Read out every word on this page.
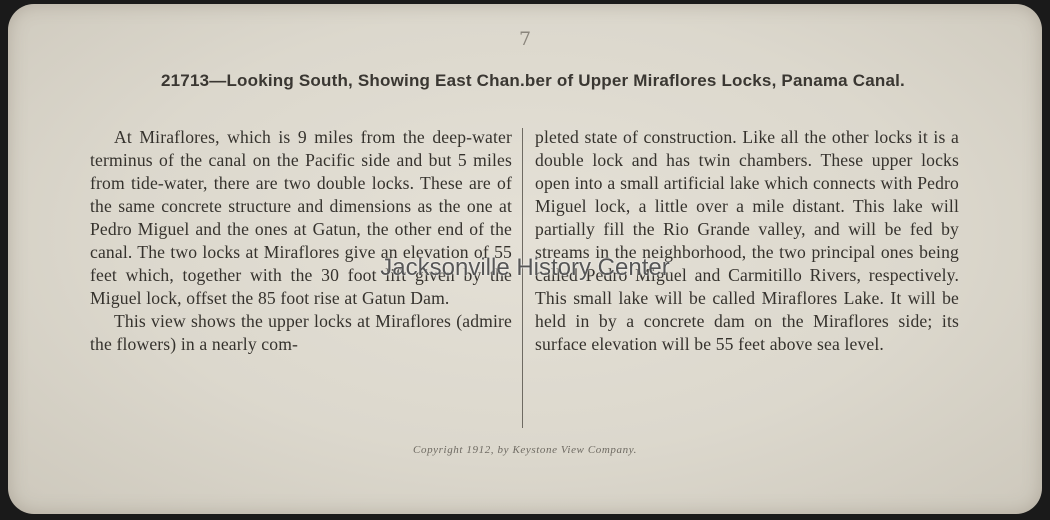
7
21713—Looking South, Showing East Chan.ber of Upper Miraflores Locks, Panama Canal.

At Miraflores, which is 9 miles from the deep-water terminus of the canal on the Pacific side and but 5 miles from tide-water, there are two double locks. These are of the same concrete structure and dimensions as the one at Pedro Miguel and the ones at Gatun, the other end of the canal. The two locks at Miraflores give an elevation of 55 feet which, together with the 30 foot lift given by the Miguel lock, offset the 85 foot rise at Gatun Dam.

This view shows the upper locks at Miraflores (admire the flowers) in a nearly com-

pleted state of construction. Like all the other locks it is a double lock and has twin chambers. These upper locks open into a small artificial lake which connects with Pedro Miguel lock, a little over a mile distant. This lake will partially fill the Rio Grande valley, and will be fed by streams in the neighborhood, the two principal ones being called Pedro Miguel and Carmitillo Rivers, respectively. This small lake will be called Miraflores Lake. It will be held in by a concrete dam on the Miraflores side; its surface elevation will be 55 feet above sea level.

Copyright 1912, by Keystone View Company.
Jacksonville History Center
